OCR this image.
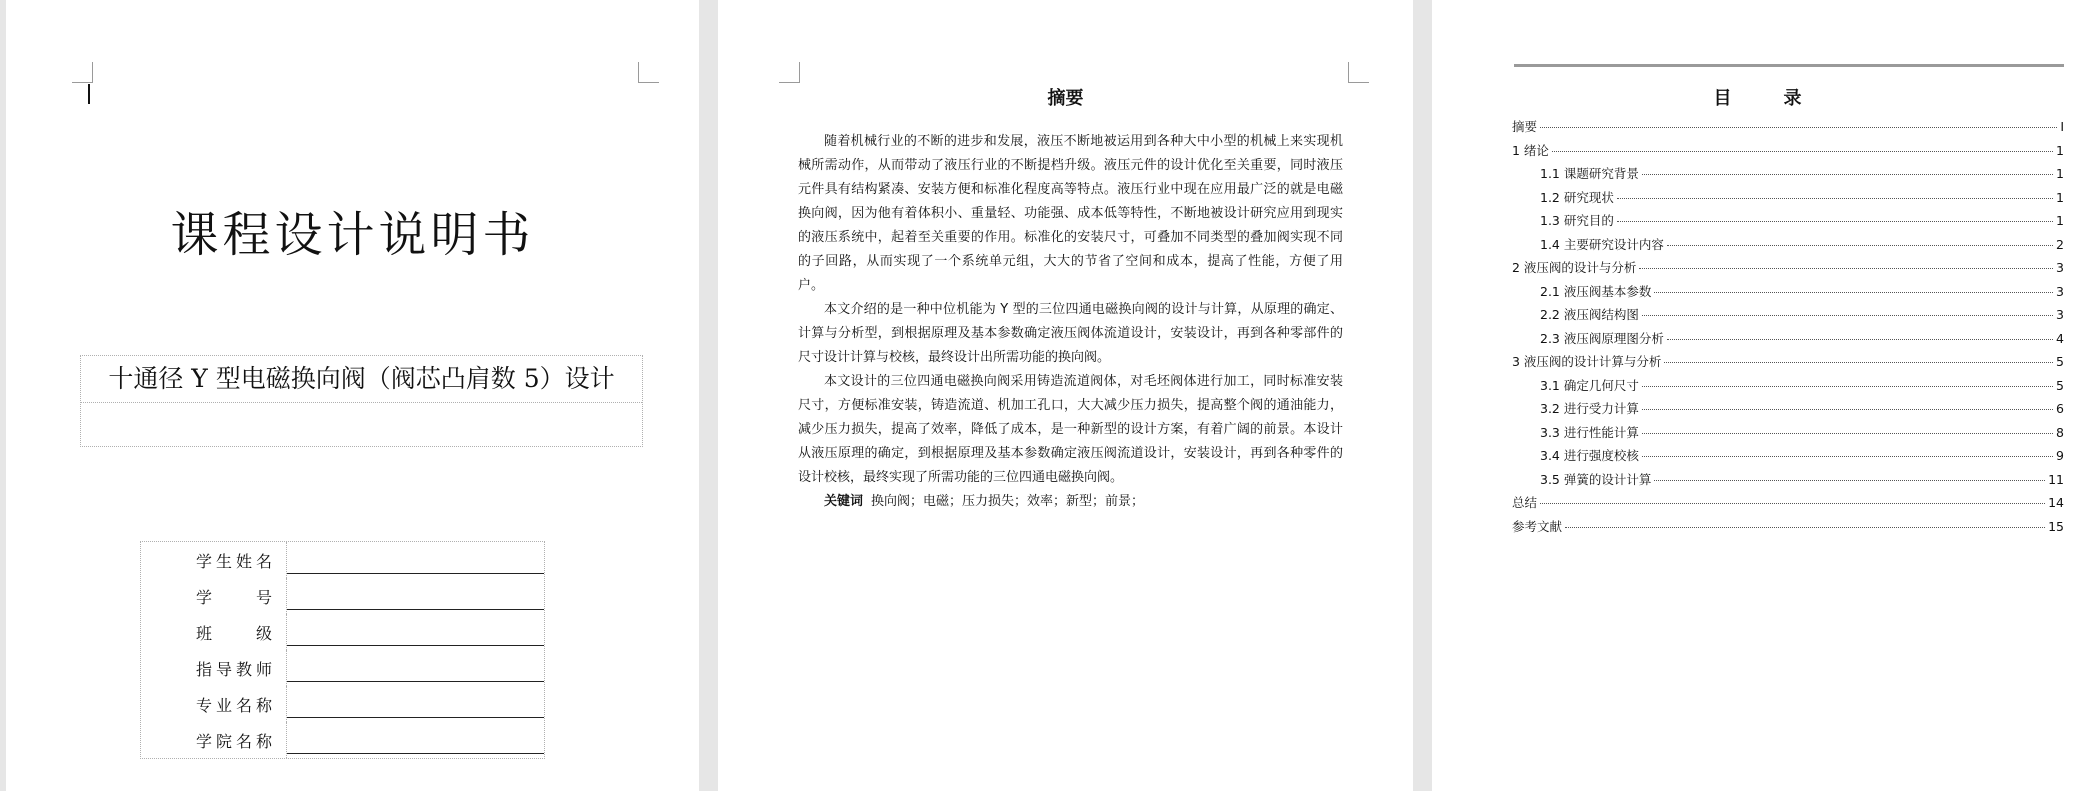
课程设计说明书
十通径 Y 型电磁换向阀（阀芯凸肩数 5）设计
学生姓名
学　　号
班　　级
指导教师
专业名称
学院名称
摘要

随着机械行业的不断的进步和发展，液压不断地被运用到各种大中小型的机械上来实现机械所需动作，从而带动了液压行业的不断提档升级。液压元件的设计优化至关重要，同时液压元件具有结构紧凑、安装方便和标准化程度高等特点。液压行业中现在应用最广泛的就是电磁换向阀，因为他有着体积小、重量轻、功能强、成本低等特性，不断地被设计研究应用到现实的液压系统中，起着至关重要的作用。标准化的安装尺寸，可叠加不同类型的叠加阀实现不同的子回路，从而实现了一个系统单元组，大大的节省了空间和成本，提高了性能，方便了用户。

本文介绍的是一种中位机能为 Y 型的三位四通电磁换向阀的设计与计算，从原理的确定、计算与分析型，到根据原理及基本参数确定液压阀体流道设计，安装设计，再到各种零部件的尺寸设计计算与校核，最终设计出所需功能的换向阀。

本文设计的三位四通电磁换向阀采用铸造流道阀体，对毛坯阀体进行加工，同时标准安装尺寸，方便标准安装，铸造流道、机加工孔口，大大减少压力损失，提高整个阀的通油能力，减少压力损失，提高了效率，降低了成本，是一种新型的设计方案，有着广阔的前景。本设计从液压原理的确定，到根据原理及基本参数确定液压阀流道设计，安装设计，再到各种零件的设计校核，最终实现了所需功能的三位四通电磁换向阀。

关键词 换向阀；电磁；压力损失；效率；新型；前景；

目录
摘要	I
1 绪论	1
1.1 课题研究背景	1
1.2 研究现状	1
1.3 研究目的	1
1.4 主要研究设计内容	2
2 液压阀的设计与分析	3
2.1 液压阀基本参数	3
2.2 液压阀结构图	3
2.3 液压阀原理图分析	4
3 液压阀的设计计算与分析	5
3.1 确定几何尺寸	5
3.2 进行受力计算	6
3.3 进行性能计算	8
3.4 进行强度校核	9
3.5 弹簧的设计计算	11
总结	14
参考文献	15
